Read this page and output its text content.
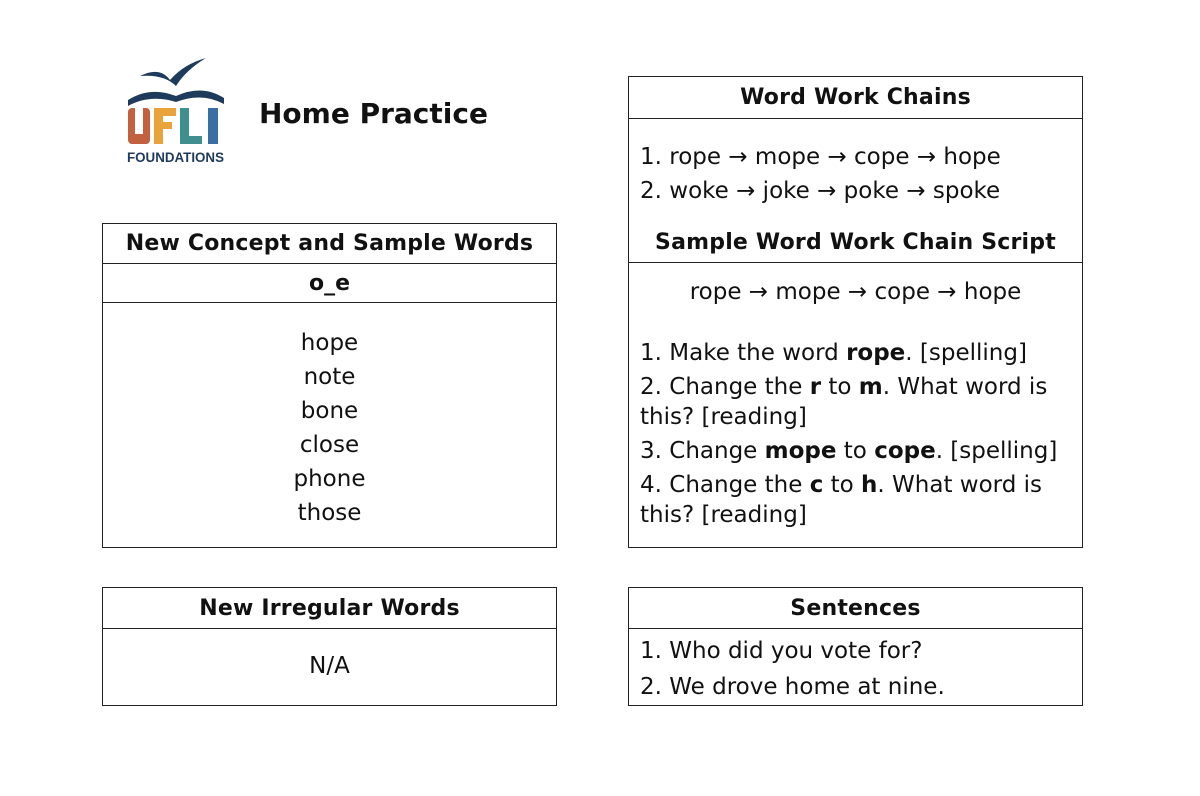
FOUNDATIONS
Home Practice
New Concept and Sample Words
o_e
hope
note
bone
close
phone
those
New Irregular Words
N/A
Word Work Chains
1. rope → mope → cope → hope
2. woke → joke → poke → spoke
Sample Word Work Chain Script
rope → mope → cope → hope
1. Make the word rope. [spelling]
2. Change the r to m. What word is this? [reading]
3. Change mope to cope. [spelling]
4. Change the c to h. What word is this? [reading]
Sentences
1. Who did you vote for?
2. We drove home at nine.
